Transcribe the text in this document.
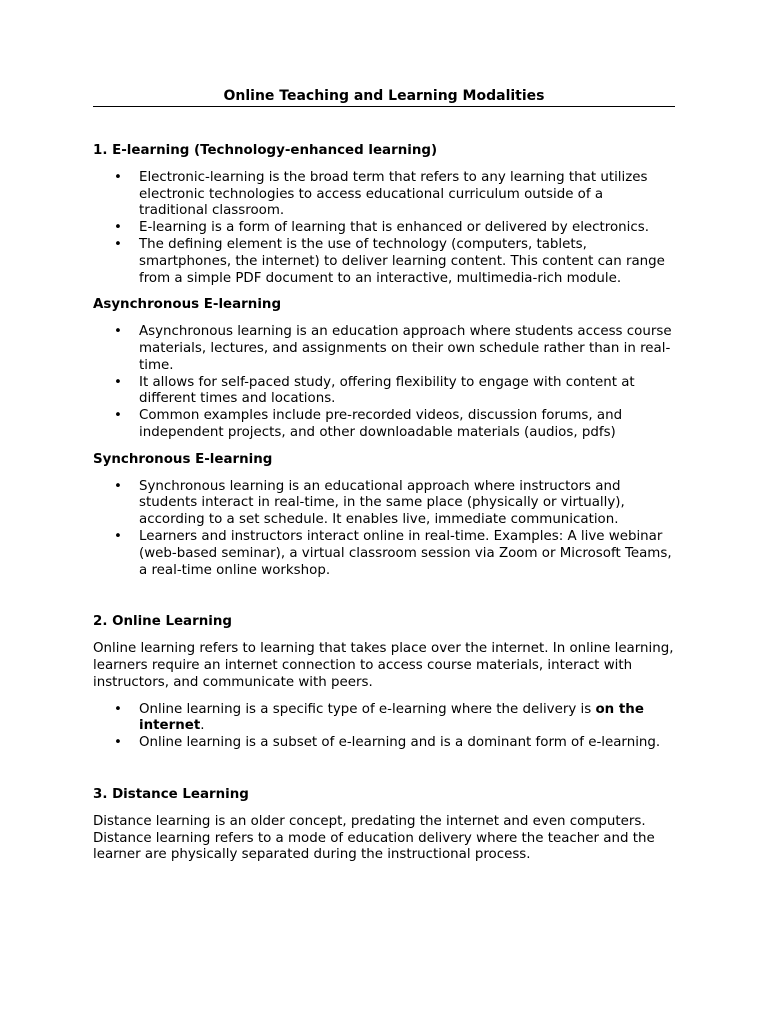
Online Teaching and Learning Modalities

1. E-learning (Technology-enhanced learning)

• Electronic-learning is the broad term that refers to any learning that utilizes electronic technologies to access educational curriculum outside of a traditional classroom.
• E-learning is a form of learning that is enhanced or delivered by electronics.
• The defining element is the use of technology (computers, tablets, smartphones, the internet) to deliver learning content. This content can range from a simple PDF document to an interactive, multimedia-rich module.

Asynchronous E-learning

• Asynchronous learning is an education approach where students access course materials, lectures, and assignments on their own schedule rather than in real-time.
• It allows for self-paced study, offering flexibility to engage with content at different times and locations.
• Common examples include pre-recorded videos, discussion forums, and independent projects, and other downloadable materials (audios, pdfs)

Synchronous E-learning

• Synchronous learning is an educational approach where instructors and students interact in real-time, in the same place (physically or virtually), according to a set schedule. It enables live, immediate communication.
• Learners and instructors interact online in real-time. Examples: A live webinar (web-based seminar), a virtual classroom session via Zoom or Microsoft Teams, a real-time online workshop.

2. Online Learning

Online learning refers to learning that takes place over the internet. In online learning, learners require an internet connection to access course materials, interact with instructors, and communicate with peers.

• Online learning is a specific type of e-learning where the delivery is on the internet.
• Online learning is a subset of e-learning and is a dominant form of e-learning.

3. Distance Learning

Distance learning is an older concept, predating the internet and even computers. Distance learning refers to a mode of education delivery where the teacher and the learner are physically separated during the instructional process.
